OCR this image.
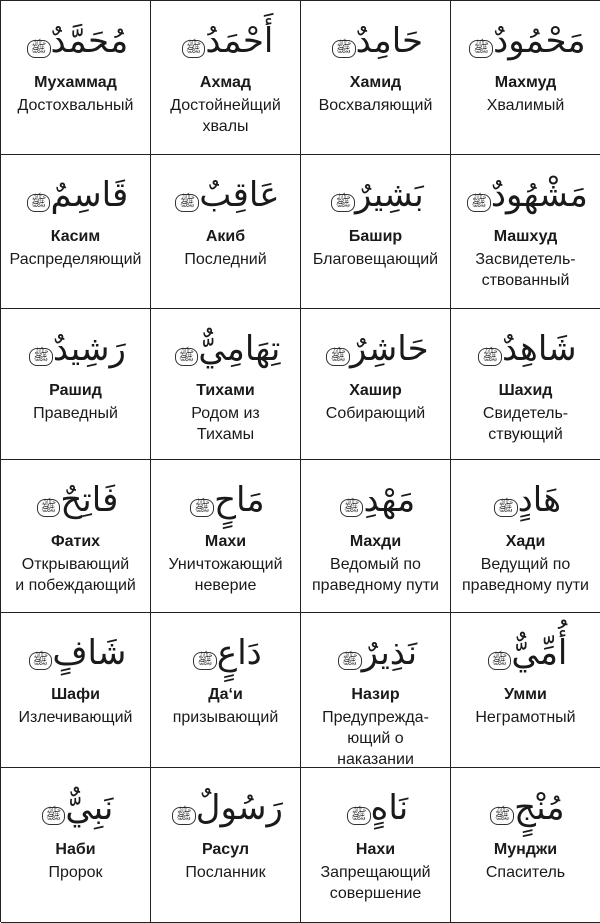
مُحَمَّدٌﷺ
Мухаммад
Достохвальный
أَحْمَدُﷺ
Ахмад
Достойнейщий
хвалы
حَامِدٌﷺ
Хамид
Восхваляющий
مَحْمُودٌﷺ
Махмуд
Хвалимый
قَاسِمٌﷺ
Касим
Распределяющий
عَاقِبٌﷺ
Акиб
Последний
بَشِيرٌﷺ
Башир
Благовещающий
مَشْهُودٌﷺ
Машхуд
Засвидетель-
ствованный
رَشِيدٌﷺ
Рашид
Праведный
تِهَامِيٌّﷺ
Тихами
Родом из
Тихамы
حَاشِرٌﷺ
Хашир
Собирающий
شَاهِدٌﷺ
Шахид
Свидетель-
ствующий
فَاتِحٌﷺ
Фатих
Открывающий
и побеждающий
مَاحٍﷺ
Махи
Уничтожающий
неверие
مَهْدِﷺ
Махди
Ведомый по
праведному пути
هَادٍﷺ
Хади
Ведущий по
праведному пути
شَافٍﷺ
Шафи
Излечивающий
دَاعٍﷺ
Даʻи
призывающий
نَذِيرٌﷺ
Назир
Предупрежда-
ющий о
наказании
أُمِّيٌّﷺ
Умми
Неграмотный
نَبِيٌّﷺ
Наби
Пророк
رَسُولٌﷺ
Расул
Посланник
نَاهٍﷺ
Нахи
Запрещающий
совершение
مُنْجٍﷺ
Мунджи
Спаситель
